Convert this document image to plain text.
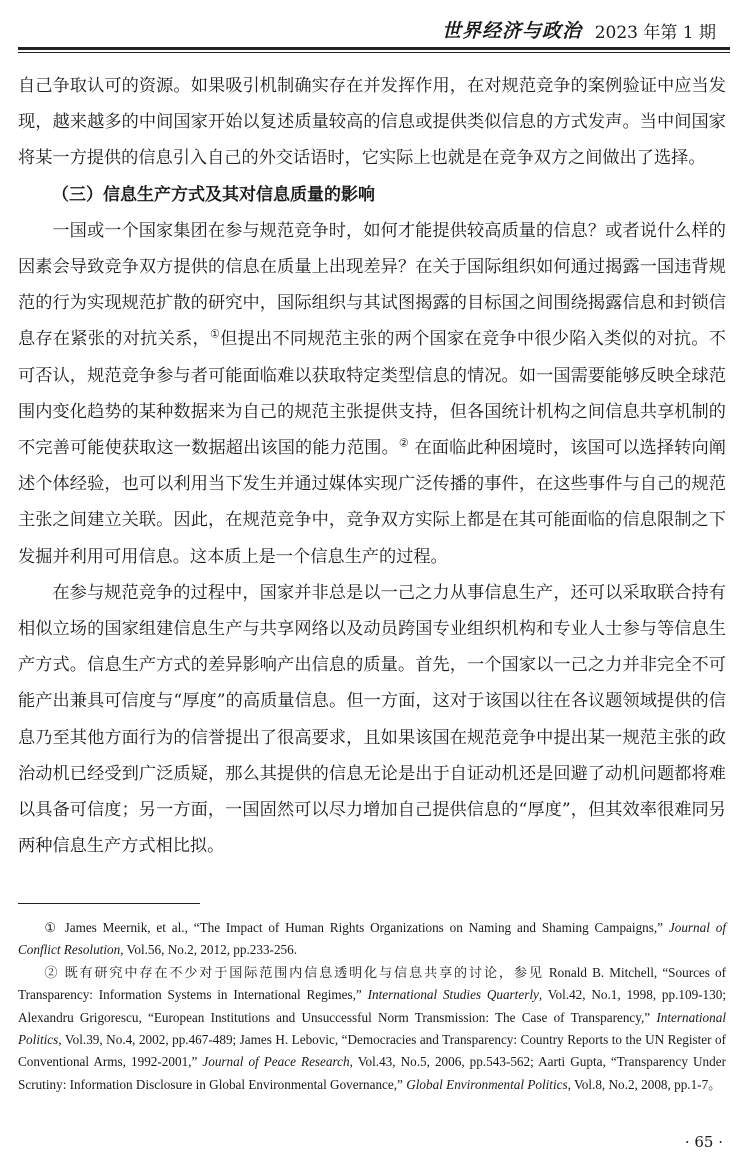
世界经济与政治 2023 年第 1 期

自己争取认可的资源。如果吸引机制确实存在并发挥作用，在对规范竞争的案例验证中应当发现，越来越多的中间国家开始以复述质量较高的信息或提供类似信息的方式发声。当中间国家将某一方提供的信息引入自己的外交话语时，它实际上也就是在竞争双方之间做出了选择。

（三）信息生产方式及其对信息质量的影响

一国或一个国家集团在参与规范竞争时，如何才能提供较高质量的信息？或者说什么样的因素会导致竞争双方提供的信息在质量上出现差异？在关于国际组织如何通过揭露一国违背规范的行为实现规范扩散的研究中，国际组织与其试图揭露的目标国之间围绕揭露信息和封锁信息存在紧张的对抗关系，①但提出不同规范主张的两个国家在竞争中很少陷入类似的对抗。不可否认，规范竞争参与者可能面临难以获取特定类型信息的情况。如一国需要能够反映全球范围内变化趋势的某种数据来为自己的规范主张提供支持，但各国统计机构之间信息共享机制的不完善可能使获取这一数据超出该国的能力范围。② 在面临此种困境时，该国可以选择转向阐述个体经验，也可以利用当下发生并通过媒体实现广泛传播的事件，在这些事件与自己的规范主张之间建立关联。因此，在规范竞争中，竞争双方实际上都是在其可能面临的信息限制之下发掘并利用可用信息。这本质上是一个信息生产的过程。

在参与规范竞争的过程中，国家并非总是以一己之力从事信息生产，还可以采取联合持有相似立场的国家组建信息生产与共享网络以及动员跨国专业组织机构和专业人士参与等信息生产方式。信息生产方式的差异影响产出信息的质量。首先，一个国家以一己之力并非完全不可能产出兼具可信度与“厚度”的高质量信息。但一方面，这对于该国以往在各议题领域提供的信息乃至其他方面行为的信誉提出了很高要求，且如果该国在规范竞争中提出某一规范主张的政治动机已经受到广泛质疑，那么其提供的信息无论是出于自证动机还是回避了动机问题都将难以具备可信度；另一方面，一国固然可以尽力增加自己提供信息的“厚度”，但其效率很难同另两种信息生产方式相比拟。

① James Meernik, et al., “The Impact of Human Rights Organizations on Naming and Shaming Campaigns,” Journal of Conflict Resolution, Vol.56, No.2, 2012, pp.233-256.

② 既有研究中存在不少对于国际范围内信息透明化与信息共享的讨论，参见 Ronald B. Mitchell, “Sources of Transparency: Information Systems in International Regimes,” International Studies Quarterly, Vol.42, No.1, 1998, pp.109-130; Alexandru Grigorescu, “European Institutions and Unsuccessful Norm Transmission: The Case of Transparency,” International Politics, Vol.39, No.4, 2002, pp.467-489; James H. Lebovic, “Democracies and Transparency: Country Reports to the UN Register of Conventional Arms, 1992-2001,” Journal of Peace Research, Vol.43, No.5, 2006, pp.543-562; Aarti Gupta, “Transparency Under Scrutiny: Information Disclosure in Global Environmental Governance,” Global Environmental Politics, Vol.8, No.2, 2008, pp.1-7。

· 65 ·
